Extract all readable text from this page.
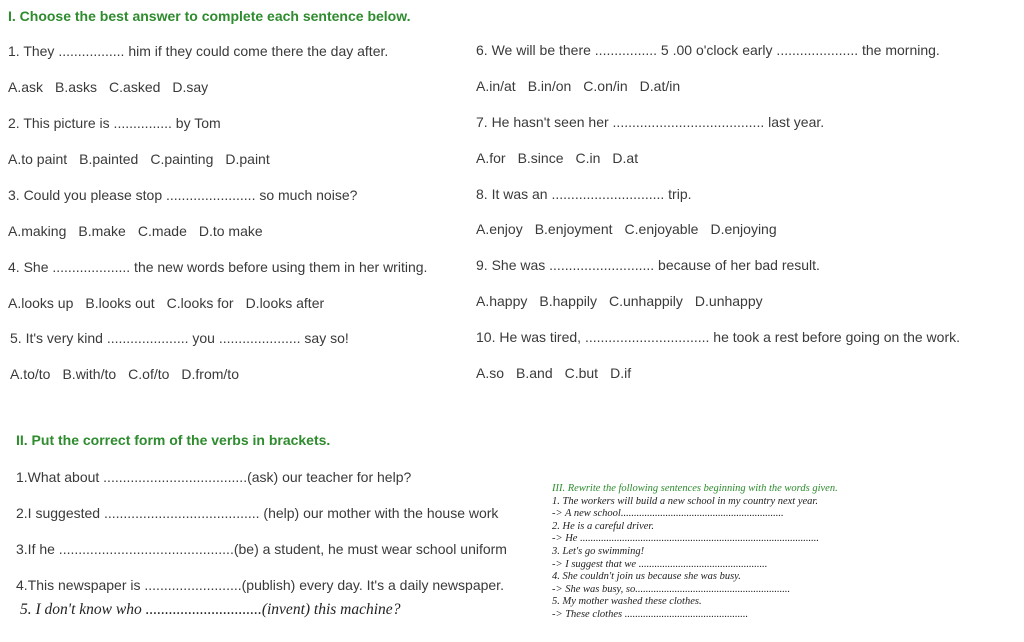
I. Choose the best answer to complete each sentence below.
1. They ................. him if they could come there the day after.
A.ask B.asks C.asked D.say
2. This picture is ............... by Tom
A.to paint B.painted C.painting D.paint
3. Could you please stop ....................... so much noise?
A.making B.make C.made D.to make
4. She .................... the new words before using them in her writing.
A.looks up B.looks out C.looks for D.looks after
5. It's very kind ..................... you ..................... say so!
A.to/to B.with/to C.of/to D.from/to
6. We will be there ................ 5 .00 o'clock early ..................... the morning.
A.in/at B.in/on C.on/in D.at/in
7. He hasn't seen her ....................................... last year.
A.for B.since C.in D.at
8. It was an ............................. trip.
A.enjoy B.enjoyment C.enjoyable D.enjoying
9. She was ........................... because of her bad result.
A.happy B.happily C.unhappily D.unhappy
10. He was tired, ................................ he took a rest before going on the work.
A.so B.and C.but D.if
II. Put the correct form of the verbs in brackets.
1.What about .....................................(ask) our teacher for help?
2.I suggested ........................................ (help) our mother with the house work
3.If he .............................................(be) a student, he must wear school uniform
4.This newspaper is .........................(publish) every day. It's a daily newspaper.
5. I don't know who ..............................(invent) this machine?
III. Rewrite the following sentences beginning with the words given.
1. The workers will build a new school in my country next year.
-> A new school..............................................................
2. He is a careful driver.
-> He ...........................................................................................
3. Let's go swimming!
-> I suggest that we .................................................
4. She couldn't join us because she was busy.
-> She was busy, so...........................................................
5. My mother washed these clothes.
-> These clothes ...............................................
